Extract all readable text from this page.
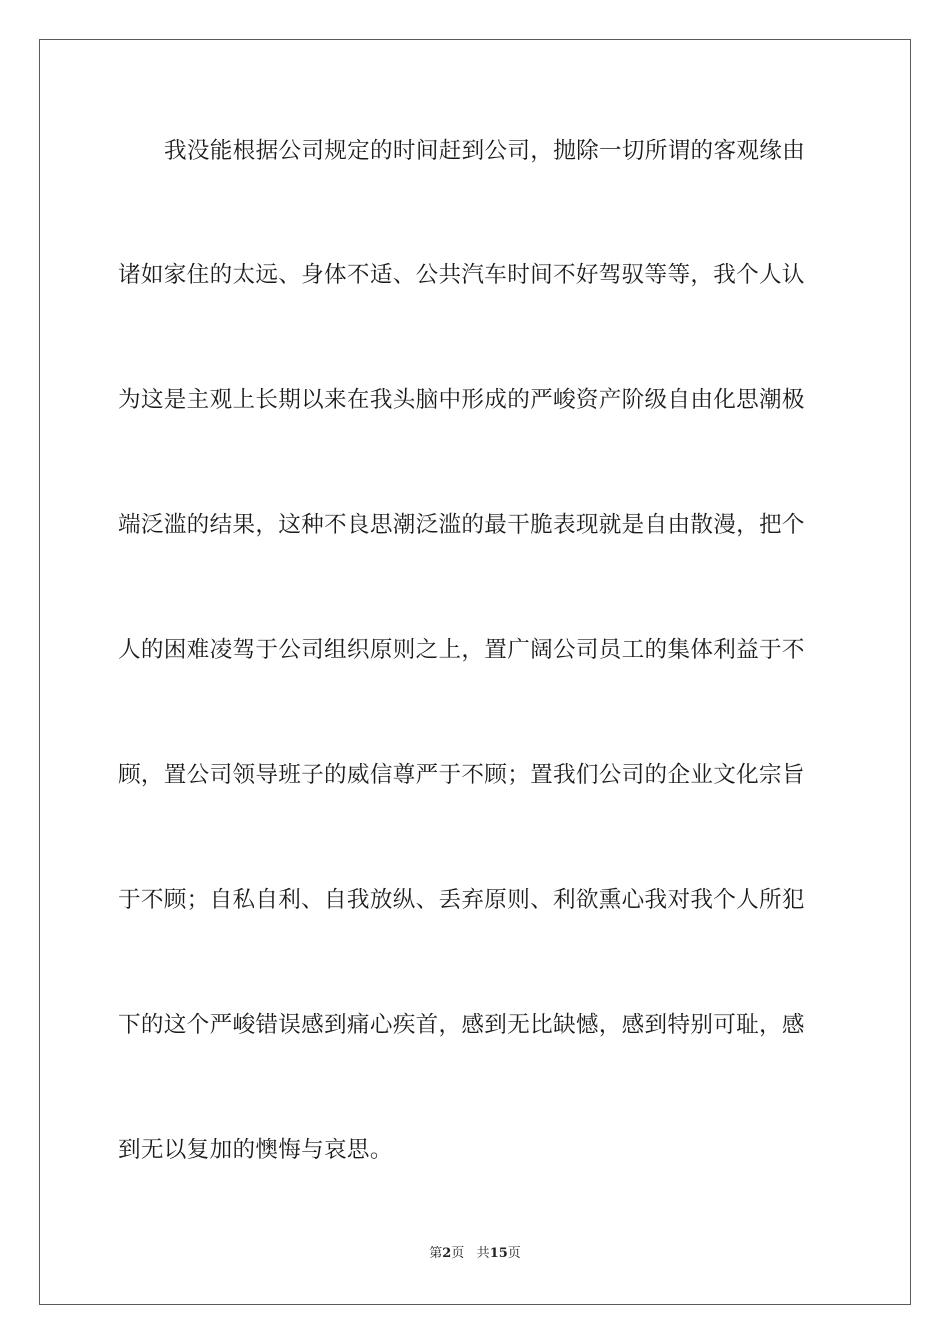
我没能根据公司规定的时间赶到公司，抛除一切所谓的客观缘由
诸如家住的太远、身体不适、公共汽车时间不好驾驭等等，我个人认
为这是主观上长期以来在我头脑中形成的严峻资产阶级自由化思潮极
端泛滥的结果，这种不良思潮泛滥的最干脆表现就是自由散漫，把个
人的困难凌驾于公司组织原则之上，置广阔公司员工的集体利益于不
顾，置公司领导班子的威信尊严于不顾；置我们公司的企业文化宗旨
于不顾；自私自利、自我放纵、丢弃原则、利欲熏心我对我个人所犯
下的这个严峻错误感到痛心疾首，感到无比缺憾，感到特别可耻，感
到无以复加的懊悔与哀思。
第2页 共15页
